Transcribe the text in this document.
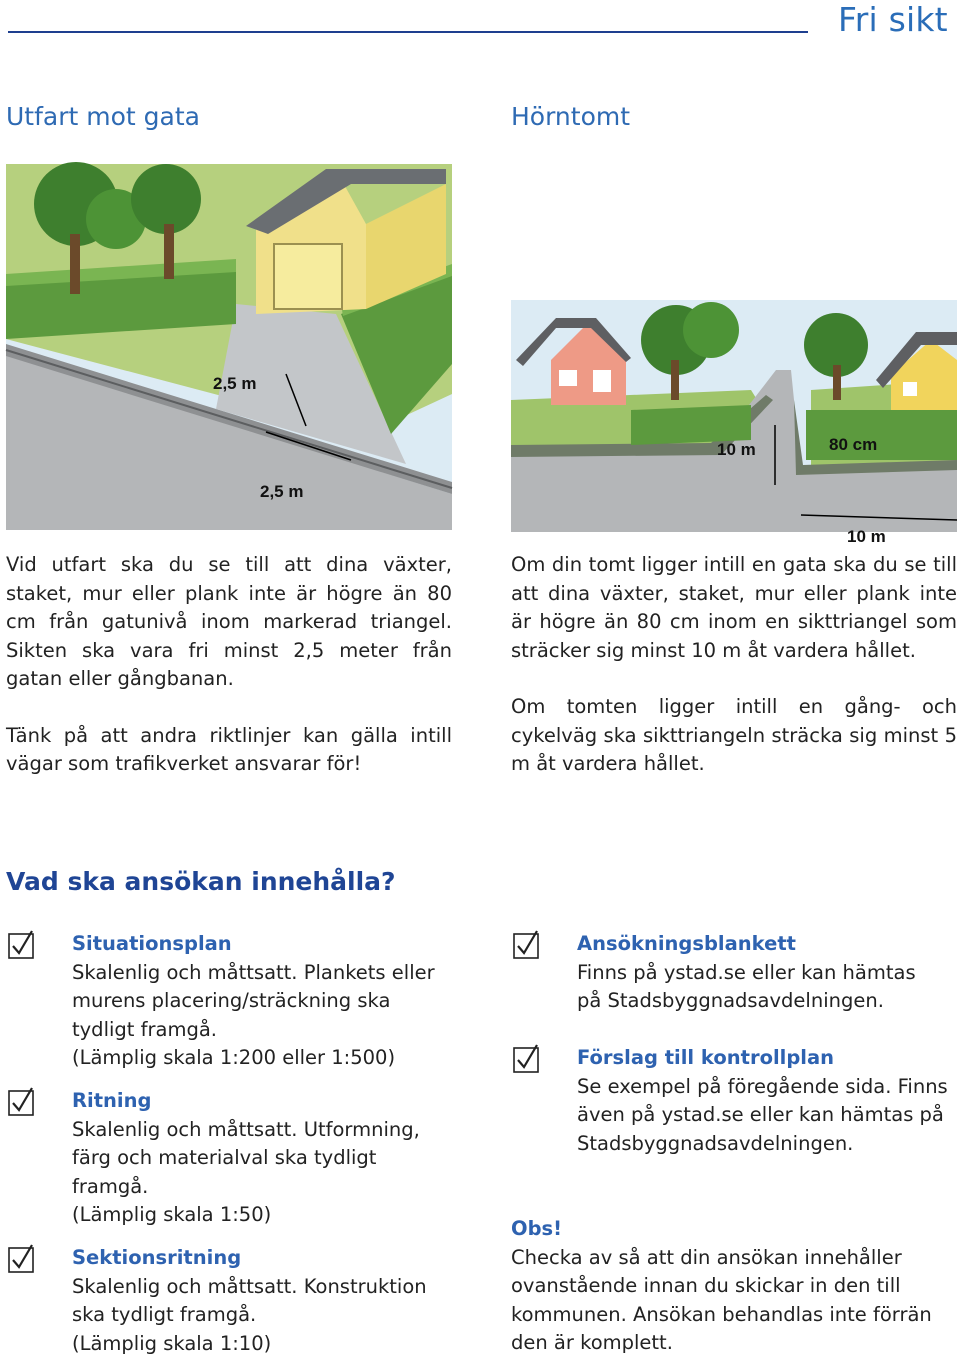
Fri sikt
Utfart mot gata	Hörntomt
2,5 m
2,5 m
10 m	80 cm
10 m

Vid utfart ska du se till att dina växter, staket, mur eller plank inte är högre än 80 cm från gatunivå inom markerad triangel. Sikten ska vara fri minst 2,5 meter från gatan eller gångbanan.

Tänk på att andra riktlinjer kan gälla intill vägar som trafikverket ansvarar för!

Om din tomt ligger intill en gata ska du se till att dina växter, staket, mur eller plank inte är högre än 80 cm inom en sikttriangel som sträcker sig minst 10 m åt vardera hållet.

Om tomten ligger intill en gång- och cykelväg ska sikttriangeln sträcka sig minst 5 m åt vardera hållet.

Vad ska ansökan innehålla?
Situationsplan
Skalenlig och måttsatt. Plankets eller
murens placering/sträckning ska
tydligt framgå.
(Lämplig skala 1:200 eller 1:500)
Ritning
Skalenlig och måttsatt. Utformning,
färg och materialval ska tydligt
framgå.
(Lämplig skala 1:50)
Sektionsritning
Skalenlig och måttsatt. Konstruktion
ska tydligt framgå.
(Lämplig skala 1:10)
Ansökningsblankett
Finns på ystad.se eller kan hämtas
på Stadsbyggnadsavdelningen.
Förslag till kontrollplan
Se exempel på föregående sida. Finns
även på ystad.se eller kan hämtas på
Stadsbyggnadsavdelningen.
Obs!
Checka av så att din ansökan innehåller
ovanstående innan du skickar in den till
kommunen. Ansökan behandlas inte förrän
den är komplett.
